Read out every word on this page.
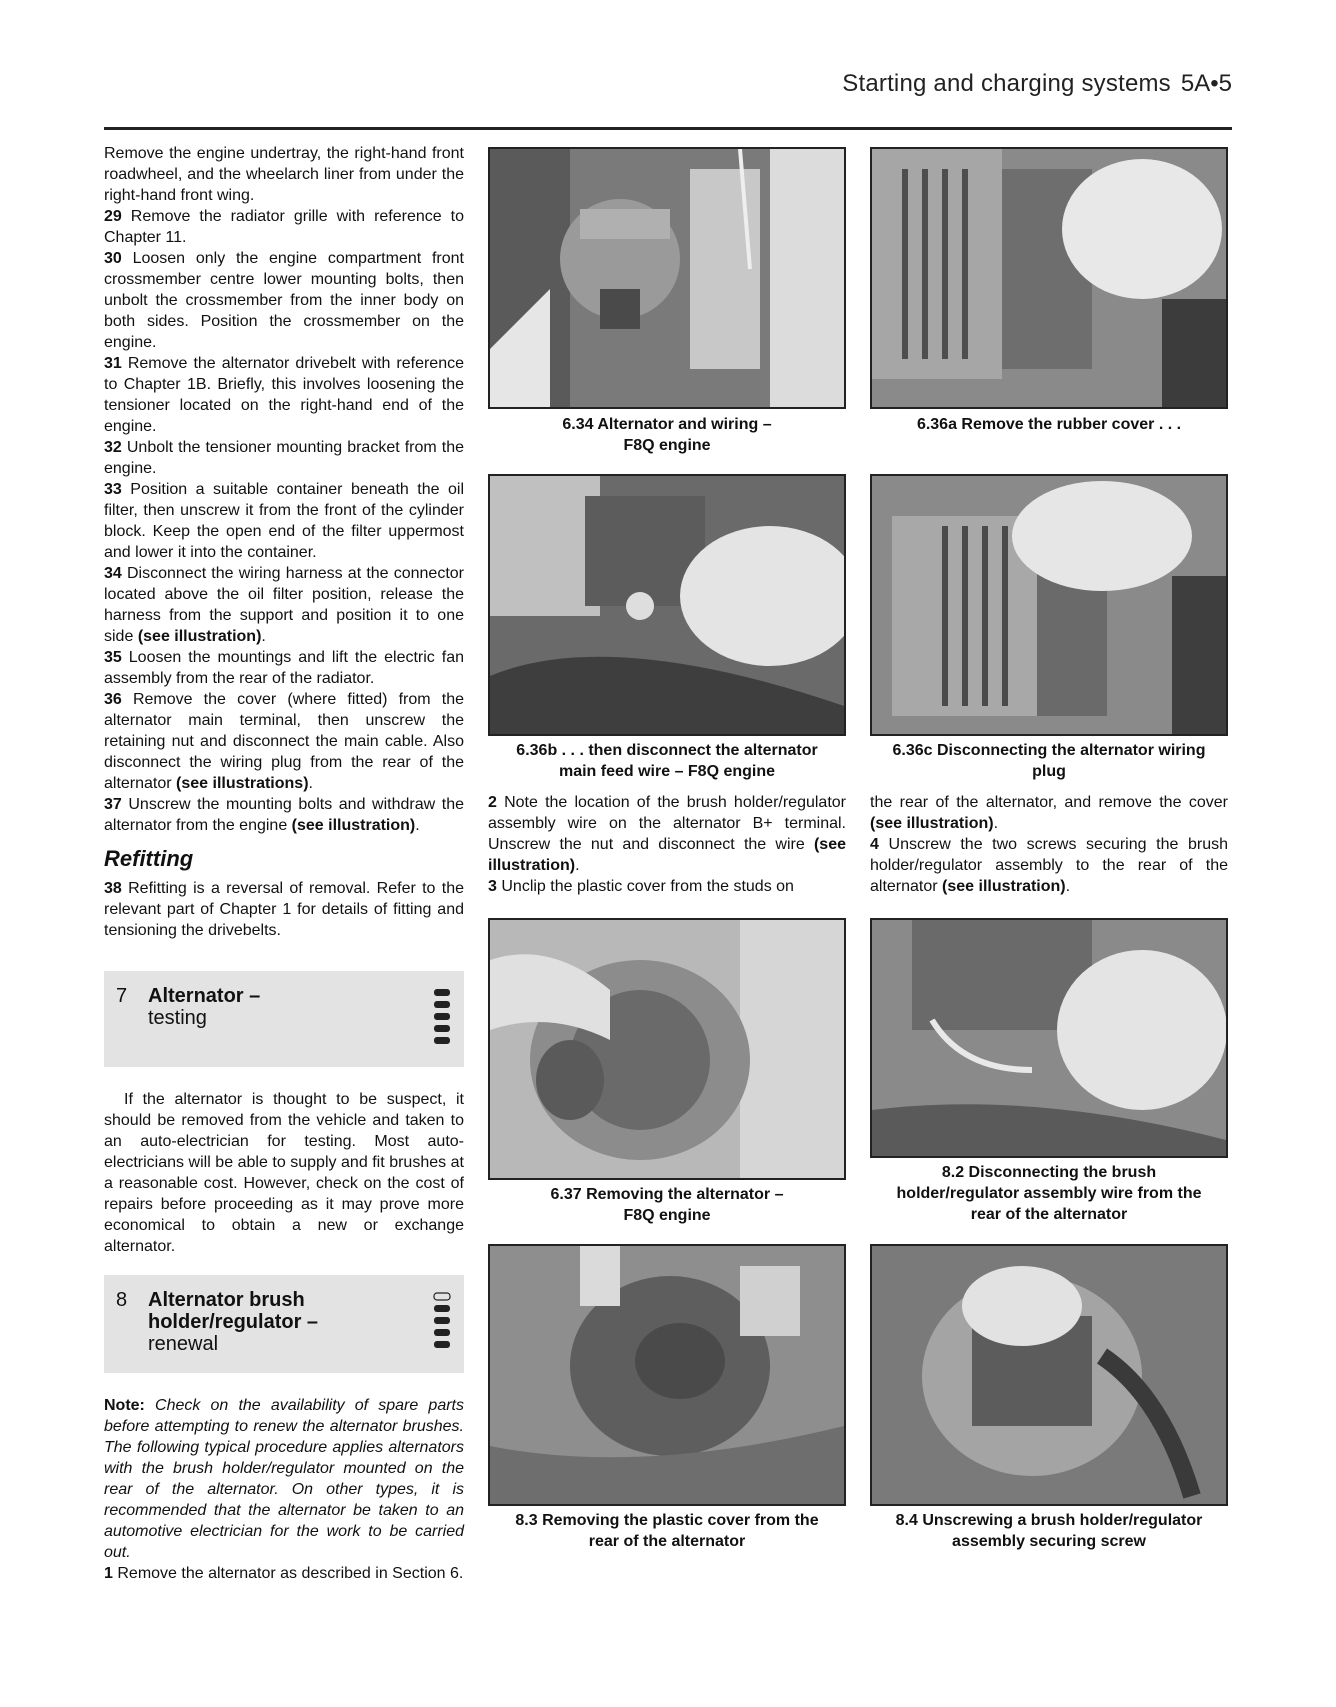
Starting and charging systems 5A•5

Remove the engine undertray, the right-hand front roadwheel, and the wheelarch liner from under the right-hand front wing.

29 Remove the radiator grille with reference to Chapter 11.

30 Loosen only the engine compartment front crossmember centre lower mounting bolts, then unbolt the crossmember from the inner body on both sides. Position the crossmember on the engine.

31 Remove the alternator drivebelt with reference to Chapter 1B. Briefly, this involves loosening the tensioner located on the right-hand end of the engine.

32 Unbolt the tensioner mounting bracket from the engine.

33 Position a suitable container beneath the oil filter, then unscrew it from the front of the cylinder block. Keep the open end of the filter uppermost and lower it into the container.

34 Disconnect the wiring harness at the connector located above the oil filter position, release the harness from the support and position it to one side (see illustration).

35 Loosen the mountings and lift the electric fan assembly from the rear of the radiator.

36 Remove the cover (where fitted) from the alternator main terminal, then unscrew the retaining nut and disconnect the main cable. Also disconnect the wiring plug from the rear of the alternator (see illustrations).

37 Unscrew the mounting bolts and withdraw the alternator from the engine (see illustration).

Refitting

38 Refitting is a reversal of removal. Refer to the relevant part of Chapter 1 for details of fitting and tensioning the drivebelts.

7 Alternator –
testing

If the alternator is thought to be suspect, it should be removed from the vehicle and taken to an auto-electrician for testing. Most auto-electricians will be able to supply and fit brushes at a reasonable cost. However, check on the cost of repairs before proceeding as it may prove more economical to obtain a new or exchange alternator.

8 Alternator brush
holder/regulator –
renewal

Note: Check on the availability of spare parts before attempting to renew the alternator brushes. The following typical procedure applies alternators with the brush holder/regulator mounted on the rear of the alternator. On other types, it is recommended that the alternator be taken to an automotive electrician for the work to be carried out.

1 Remove the alternator as described in Section 6.

6.34 Alternator and wiring –
F8Q engine
6.36b . . . then disconnect the alternator
main feed wire – F8Q engine

2 Note the location of the brush holder/regulator assembly wire on the alternator B+ terminal. Unscrew the nut and disconnect the wire (see illustration).

3 Unclip the plastic cover from the studs on

6.37 Removing the alternator –
F8Q engine
8.3 Removing the plastic cover from the
rear of the alternator
6.36a Remove the rubber cover . . .
6.36c Disconnecting the alternator wiring
plug

the rear of the alternator, and remove the cover (see illustration).

4 Unscrew the two screws securing the brush holder/regulator assembly to the rear of the alternator (see illustration).

8.2 Disconnecting the brush
holder/regulator assembly wire from the
rear of the alternator
8.4 Unscrewing a brush holder/regulator
assembly securing screw
